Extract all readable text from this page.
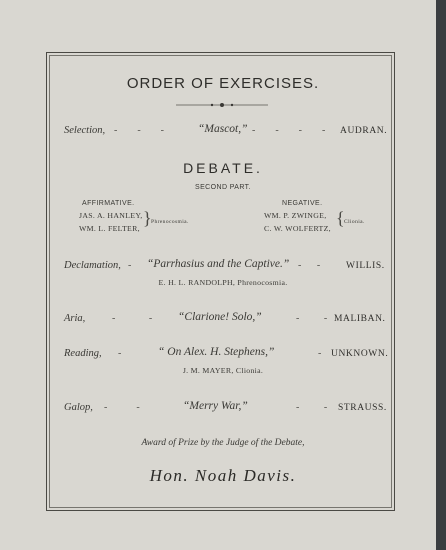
ORDER OF EXERCISES.
Selection, -    -    -	“Mascot,” -    -    -    - AUDRAN.
DEBATE.
SECOND PART.
AFFIRMATIVE.	NEGATIVE.
JAS. A. HANLEY,
WM. L. FELTER,
} Phrenocosmia.
WM. P. ZWINGE,
C. W. WOLFERTZ,
{ Clionia.
Declamation, - “Parrhasius and the Captive.” -   -	WILLIS.
E. H. L. RANDOLPH, Phrenocosmia.
Aria,	-       - “Clarione! Solo,”	-     - MALIBAN.
Reading, -	“ On Alex. H. Stephens,”	- UNKNOWN.
J. M. MAYER, Clionia.
Galop, -      -	“Merry War,”	-     - STRAUSS.
Award of Prize by the Judge of the Debate,
Hon. Noah Davis.
